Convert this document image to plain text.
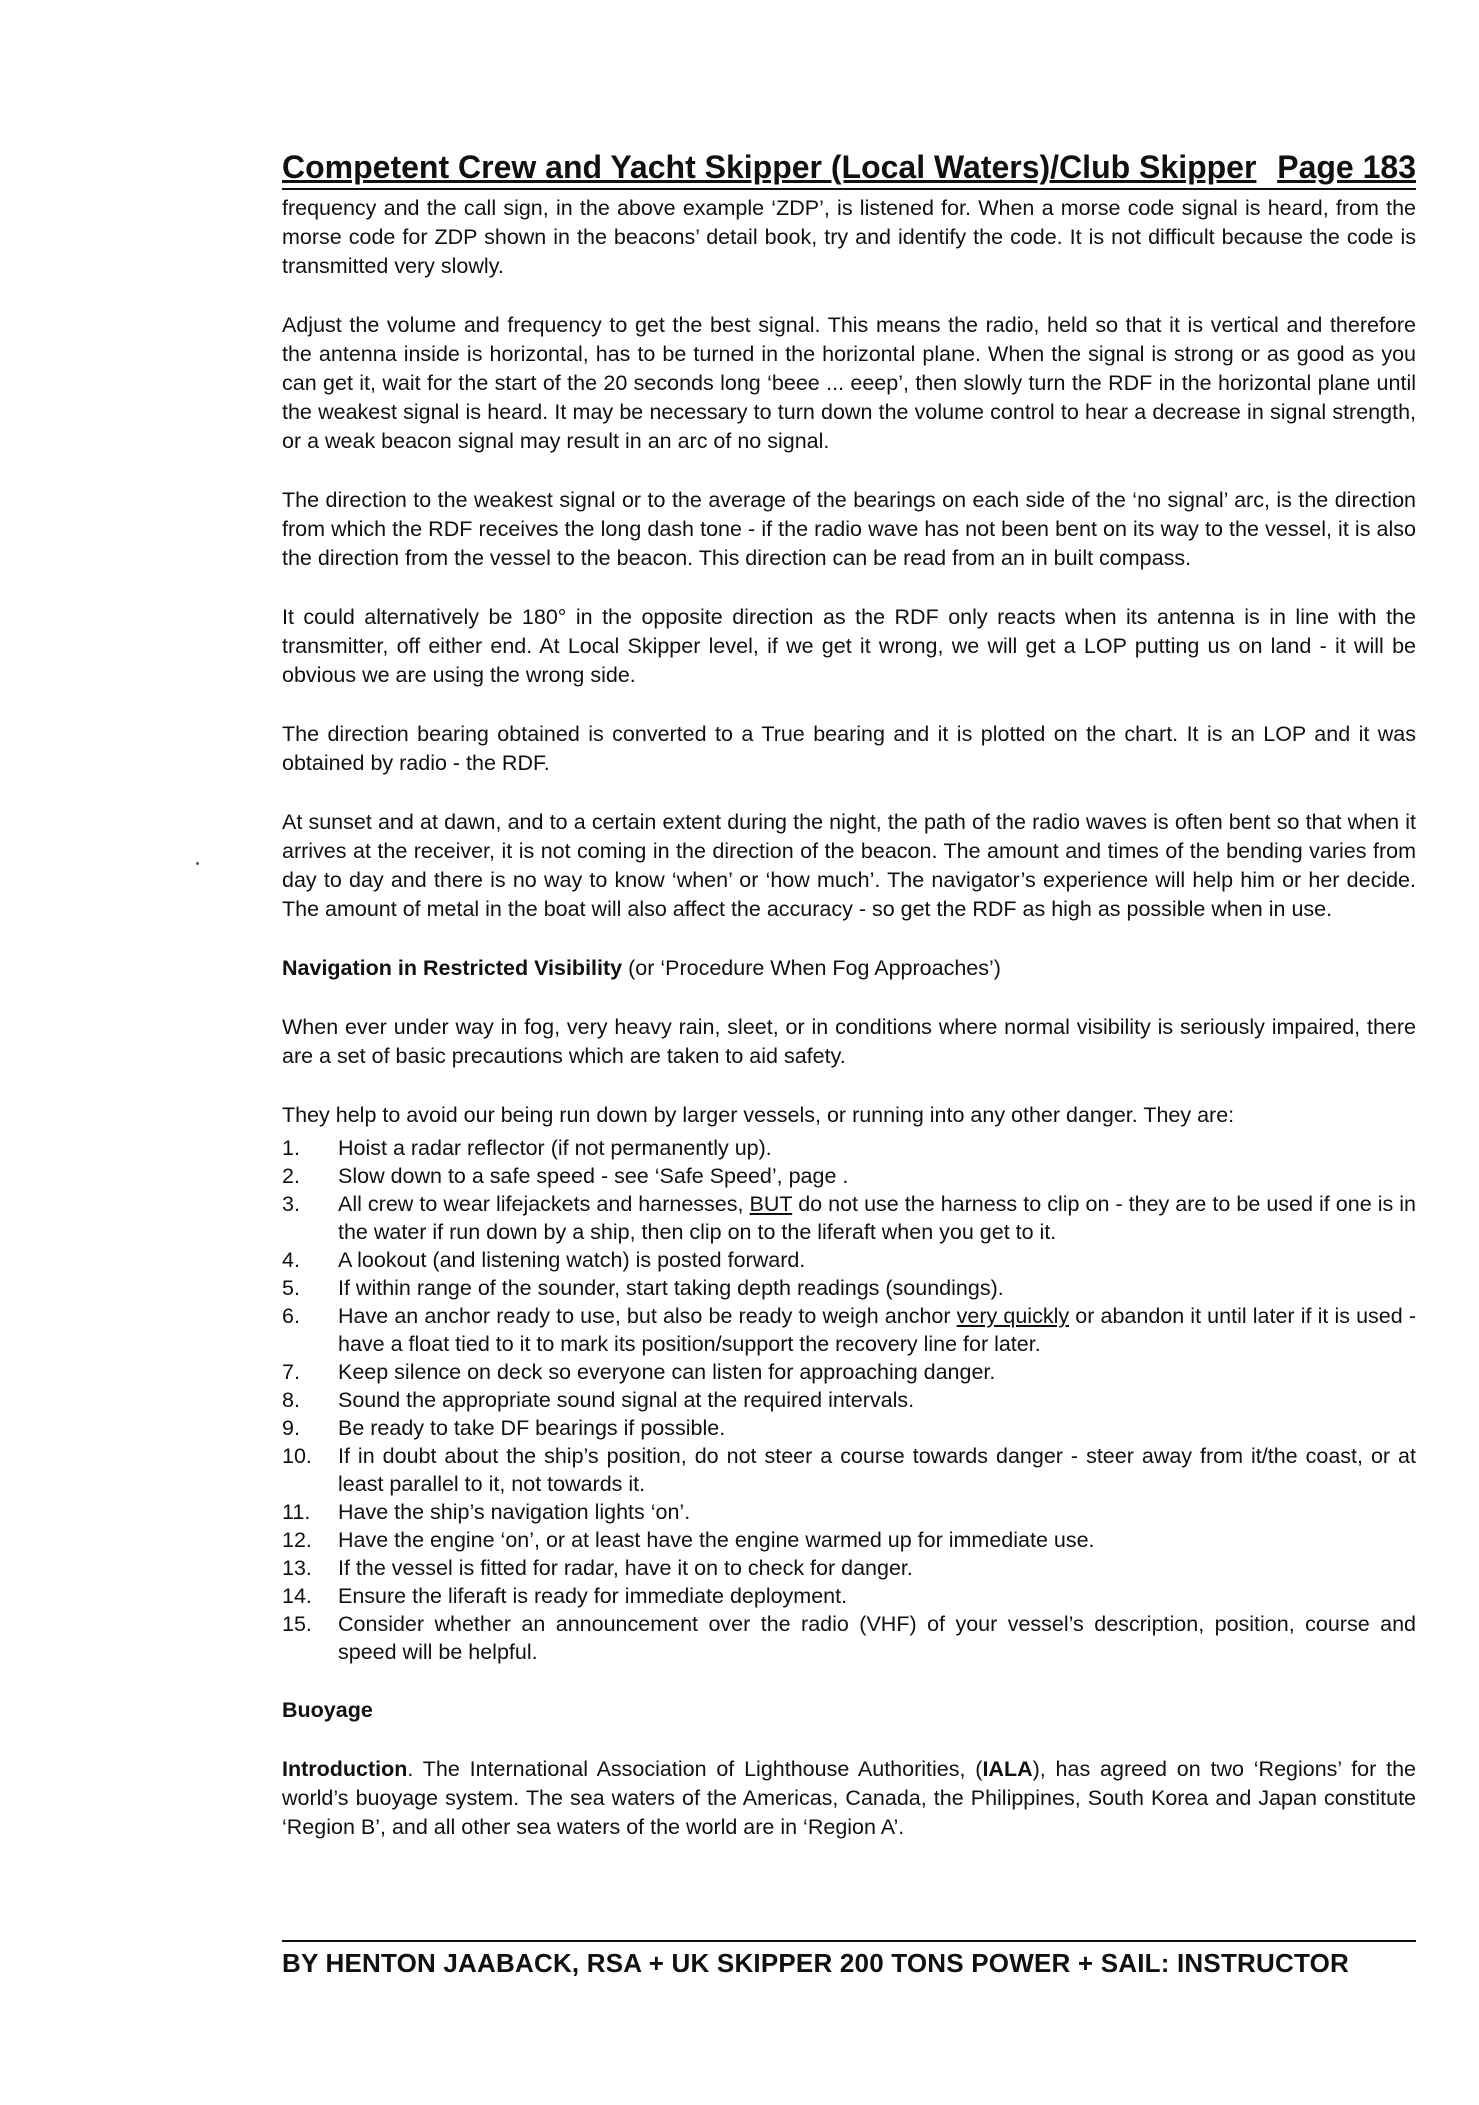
Competent Crew and Yacht Skipper (Local Waters)/Club Skipper Page 183

frequency and the call sign, in the above example ‘ZDP’, is listened for. When a morse code signal is heard, from the morse code for ZDP shown in the beacons’ detail book, try and identify the code. It is not difficult because the code is transmitted very slowly.

Adjust the volume and frequency to get the best signal. This means the radio, held so that it is vertical and therefore the antenna inside is horizontal, has to be turned in the horizontal plane. When the signal is strong or as good as you can get it, wait for the start of the 20 seconds long ‘beee ... eeep’, then slowly turn the RDF in the horizontal plane until the weakest signal is heard. It may be necessary to turn down the volume control to hear a decrease in signal strength, or a weak beacon signal may result in an arc of no signal.

The direction to the weakest signal or to the average of the bearings on each side of the ‘no signal’ arc, is the direction from which the RDF receives the long dash tone - if the radio wave has not been bent on its way to the vessel, it is also the direction from the vessel to the beacon. This direction can be read from an in built compass.

It could alternatively be 180° in the opposite direction as the RDF only reacts when its antenna is in line with the transmitter, off either end. At Local Skipper level, if we get it wrong, we will get a LOP putting us on land - it will be obvious we are using the wrong side.

The direction bearing obtained is converted to a True bearing and it is plotted on the chart. It is an LOP and it was obtained by radio - the RDF.

At sunset and at dawn, and to a certain extent during the night, the path of the radio waves is often bent so that when it arrives at the receiver, it is not coming in the direction of the beacon. The amount and times of the bending varies from day to day and there is no way to know ‘when’ or ‘how much’. The navigator’s experience will help him or her decide. The amount of metal in the boat will also affect the accuracy - so get the RDF as high as possible when in use.

Navigation in Restricted Visibility (or ‘Procedure When Fog Approaches’)

When ever under way in fog, very heavy rain, sleet, or in conditions where normal visibility is seriously impaired, there are a set of basic precautions which are taken to aid safety.

They help to avoid our being run down by larger vessels, or running into any other danger. They are:

1.	Hoist a radar reflector (if not permanently up).
2.	Slow down to a safe speed - see ‘Safe Speed’, page .
3.	All crew to wear lifejackets and harnesses, BUT do not use the harness to clip on - they are to be used if one is in the water if run down by a ship, then clip on to the liferaft when you get to it.
4.	A lookout (and listening watch) is posted forward.
5.	If within range of the sounder, start taking depth readings (soundings).
6.	Have an anchor ready to use, but also be ready to weigh anchor very quickly or abandon it until later if it is used - have a float tied to it to mark its position/support the recovery line for later.
7.	Keep silence on deck so everyone can listen for approaching danger.
8.	Sound the appropriate sound signal at the required intervals.
9.	Be ready to take DF bearings if possible.
10.	If in doubt about the ship’s position, do not steer a course towards danger - steer away from it/the coast, or at least parallel to it, not towards it.
11.	Have the ship’s navigation lights ‘on’.
12.	Have the engine ‘on’, or at least have the engine warmed up for immediate use.
13.	If the vessel is fitted for radar, have it on to check for danger.
14.	Ensure the liferaft is ready for immediate deployment.
15.	Consider whether an announcement over the radio (VHF) of your vessel’s description, position, course and speed will be helpful.

Buoyage

Introduction. The International Association of Lighthouse Authorities, (IALA), has agreed on two ‘Regions’ for the world’s buoyage system. The sea waters of the Americas, Canada, the Philippines, South Korea and Japan constitute ‘Region B’, and all other sea waters of the world are in ‘Region A’.

BY HENTON JAABACK, RSA + UK SKIPPER 200 TONS POWER + SAIL: INSTRUCTOR
